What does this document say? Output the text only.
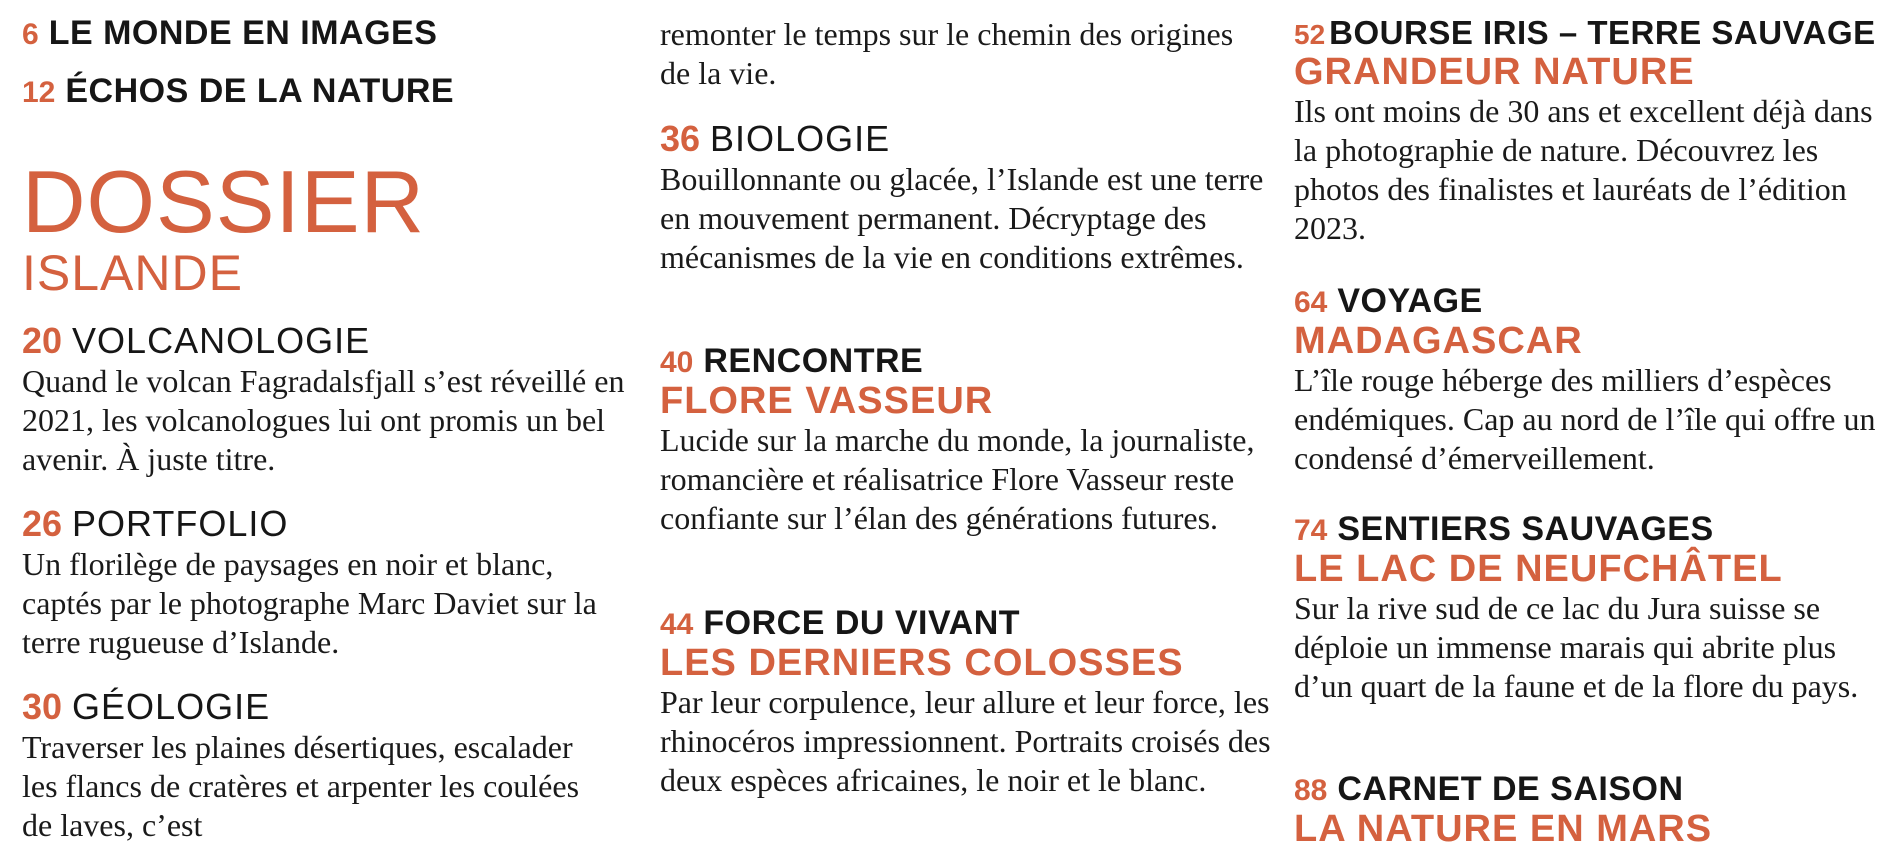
6 LE MONDE EN IMAGES
12 ÉCHOS DE LA NATURE
DOSSIER
ISLANDE
20 VOLCANOLOGIE

Quand le volcan Fagradalsfjall s’est réveillé en 2021, les volcanologues lui ont promis un bel avenir. À juste titre.

26 PORTFOLIO

Un florilège de paysages en noir et blanc, captés par le photographe Marc Daviet sur la terre rugueuse d’Islande.

30 GÉOLOGIE

Traverser les plaines désertiques, escalader les flancs de cratères et arpenter les coulées de laves, c’est

remonter le temps sur le chemin des origines de la vie.

36 BIOLOGIE

Bouillonnante ou glacée, l’Islande est une terre en mouvement permanent. Décryptage des mécanismes de la vie en conditions extrêmes.

40 RENCONTRE
FLORE VASSEUR

Lucide sur la marche du monde, la journaliste, romancière et réalisatrice Flore Vasseur reste confiante sur l’élan des générations futures.

44 FORCE DU VIVANT
LES DERNIERS COLOSSES

Par leur corpulence, leur allure et leur force, les rhinocéros impressionnent. Portraits croisés des deux espèces africaines, le noir et le blanc.

52 BOURSE IRIS – TERRE SAUVAGE
GRANDEUR NATURE

Ils ont moins de 30 ans et excellent déjà dans la photographie de nature. Découvrez les photos des finalistes et lauréats de l’édition 2023.

64 VOYAGE
MADAGASCAR

L’île rouge héberge des milliers d’espèces endémiques. Cap au nord de l’île qui offre un condensé d’émerveillement.

74 SENTIERS SAUVAGES
LE LAC DE NEUFCHÂTEL

Sur la rive sud de ce lac du Jura suisse se déploie un immense marais qui abrite plus d’un quart de la faune et de la flore du pays.

88 CARNET DE SAISON
LA NATURE EN MARS
